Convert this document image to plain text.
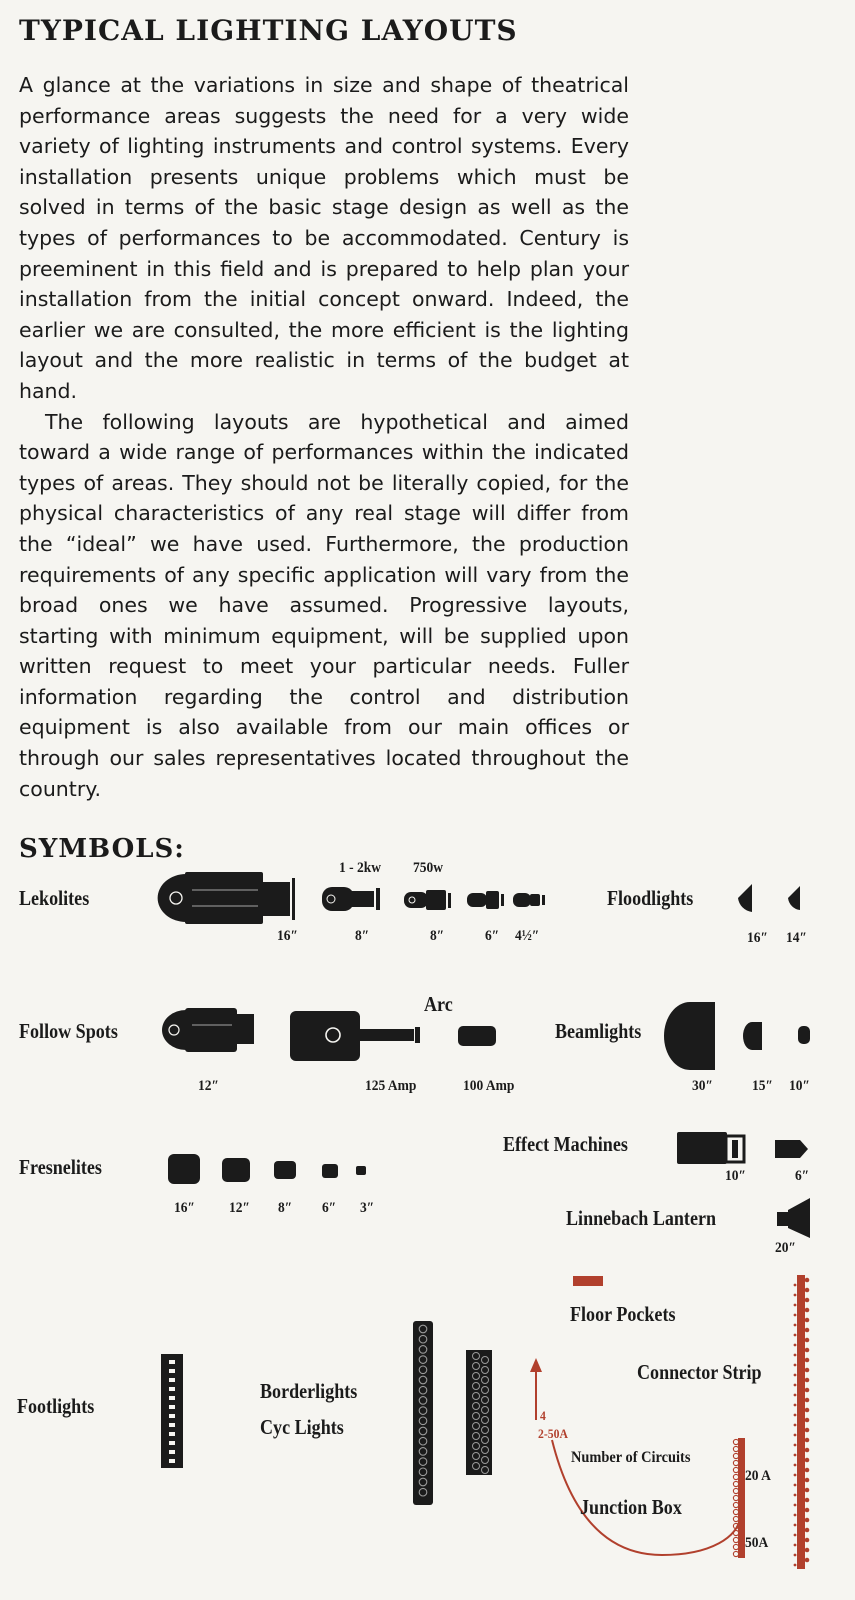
TYPICAL LIGHTING LAYOUTS

A glance at the variations in size and shape of theatrical performance areas suggests the need for a very wide variety of lighting instruments and control systems. Every installation presents unique problems which must be solved in terms of the basic stage design as well as the types of performances to be accommodated. Century is preeminent in this field and is prepared to help plan your installation from the initial concept onward. Indeed, the earlier we are consulted, the more efficient is the lighting layout and the more realistic in terms of the budget at hand.

The following layouts are hypothetical and aimed toward a wide range of performances within the indicated types of areas. They should not be literally copied, for the physical characteristics of any real stage will differ from the “ideal” we have used. Furthermore, the production requirements of any specific application will vary from the broad ones we have assumed. Progressive layouts, starting with minimum equipment, will be supplied upon written request to meet your particular needs. Fuller information regarding the control and distribution equipment is also available from our main offices or through our sales representatives located throughout the country.

SYMBOLS:
Lekolites
1 - 2kw 750w
16″	8″	8″	6″ 4½″
Floodlights
16″ 14″
Follow Spots
Arc
12″	125 Amp	100 Amp
Beamlights
30″	15″ 10″
Fresnelites
16″ 12″ 8″ 6″ 3″
Effect Machines
10″	6″
Linnebach Lantern
20″
Floor Pockets
Connector Strip
Footlights
Borderlights
Cyc Lights	4
2-50A
Number of Circuits
Junction Box
20 A
50A
